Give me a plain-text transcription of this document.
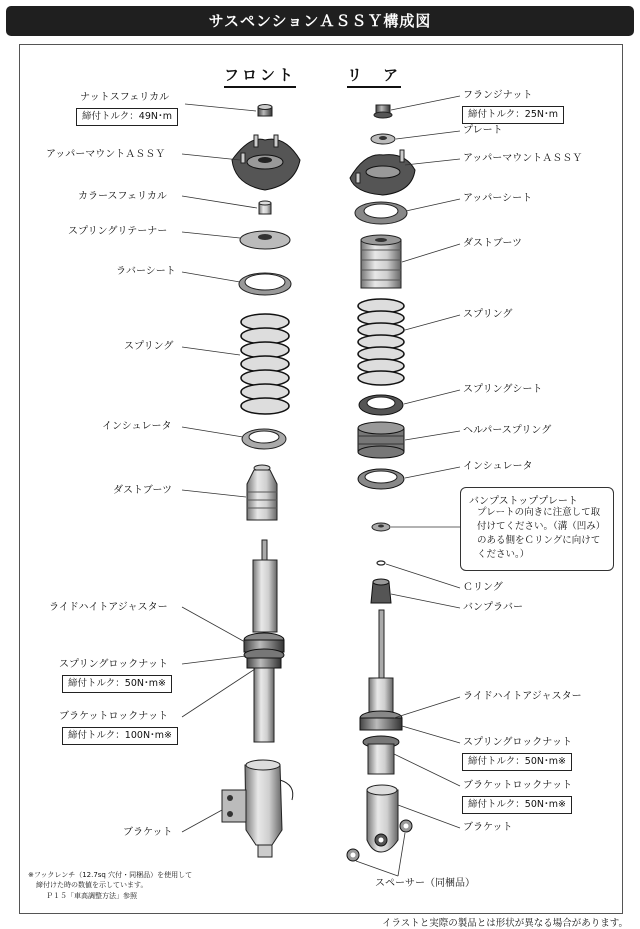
サスペンションＡＳＳＹ構成図
フロント	リ　ア
ナットスフェリカル
締付トルク：49N･m
アッパーマウントＡＳＳＹ
カラースフェリカル
スプリングリテーナー
ラバーシート
スプリング
インシュレータ
ダストブーツ
ライドハイトアジャスター
スプリングロックナット
締付トルク：50N･m※
ブラケットロックナット
締付トルク：100N･m※
ブラケット
フランジナット
締付トルク：25N･m
プレート
アッパーマウントＡＳＳＹ
アッパーシート
ダストブーツ
スプリング
スプリングシート
ヘルパースプリング
インシュレータ
バンプストッププレート
プレートの向きに注意して取付けてください。（溝（凹み）のある側をＣリングに向けてください。）
Ｃリング
バンプラバー
ライドハイトアジャスター
スプリングロックナット
締付トルク：50N･m※
ブラケットロックナット
締付トルク：50N･m※
ブラケット
スペーサー（同梱品）
※フックレンチ（12.7sq 穴付・同梱品）を使用して
締付けた時の数値を示しています。
Ｐ１５「車高調整方法」参照
イラストと実際の製品とは形状が異なる場合があります。
